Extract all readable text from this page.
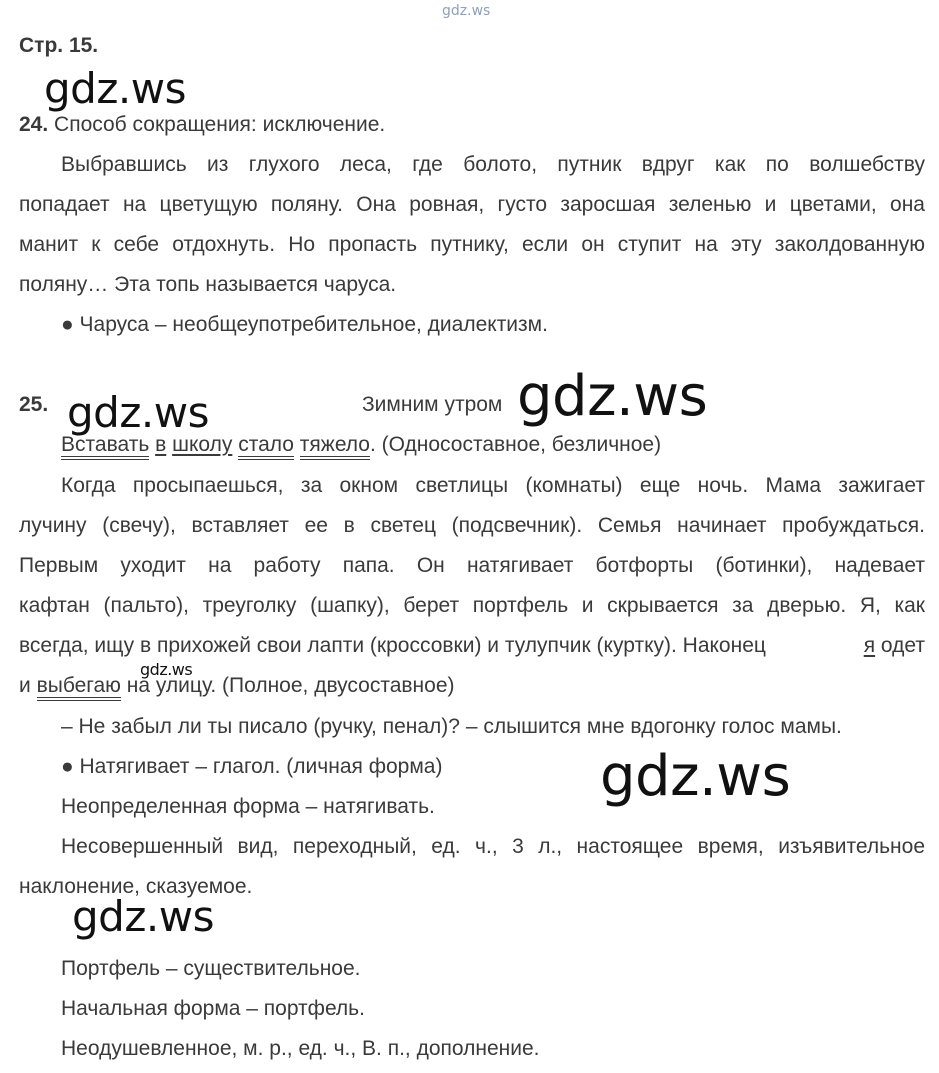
gdz.ws
gdz.ws
gdz.ws	gdz.ws
gdz.ws
gdz.ws
gdz.ws
Стр. 15.
24. Способ сокращения: исключение.
Выбравшись из глухого леса, где болото, путник вдруг как по волшебству
попадает на цветущую поляну. Она ровная, густо заросшая зеленью и цветами, она
манит к себе отдохнуть. Но пропасть путнику, если он ступит на эту заколдованную
поляну… Эта топь называется чаруса.
● Чаруса – необщеупотребительное, диалектизм.
25.	Зимним утром
Вставать в школу стало тяжело. (Односоставное, безличное)
Когда просыпаешься, за окном светлицы (комнаты) еще ночь. Мама зажигает
лучину (свечу), вставляет ее в светец (подсвечник). Семья начинает пробуждаться.
Первым уходит на работу папа. Он натягивает ботфорты (ботинки), надевает
кафтан (пальто), треуголку (шапку), берет портфель и скрывается за дверью. Я, как
всегда, ищу в прихожей свои лапти (кроссовки) и тулупчик (куртку). Наконец	я одет
и выбегаю на улицу. (Полное, двусоставное)
– Не забыл ли ты писало (ручку, пенал)? – слышится мне вдогонку голос мамы.
● Натягивает – глагол. (личная форма)
Неопределенная форма – натягивать.
Несовершенный вид, переходный, ед. ч., 3 л., настоящее время, изъявительное
наклонение, сказуемое.
Портфель – существительное.
Начальная форма – портфель.
Неодушевленное, м. р., ед. ч., В. п., дополнение.
